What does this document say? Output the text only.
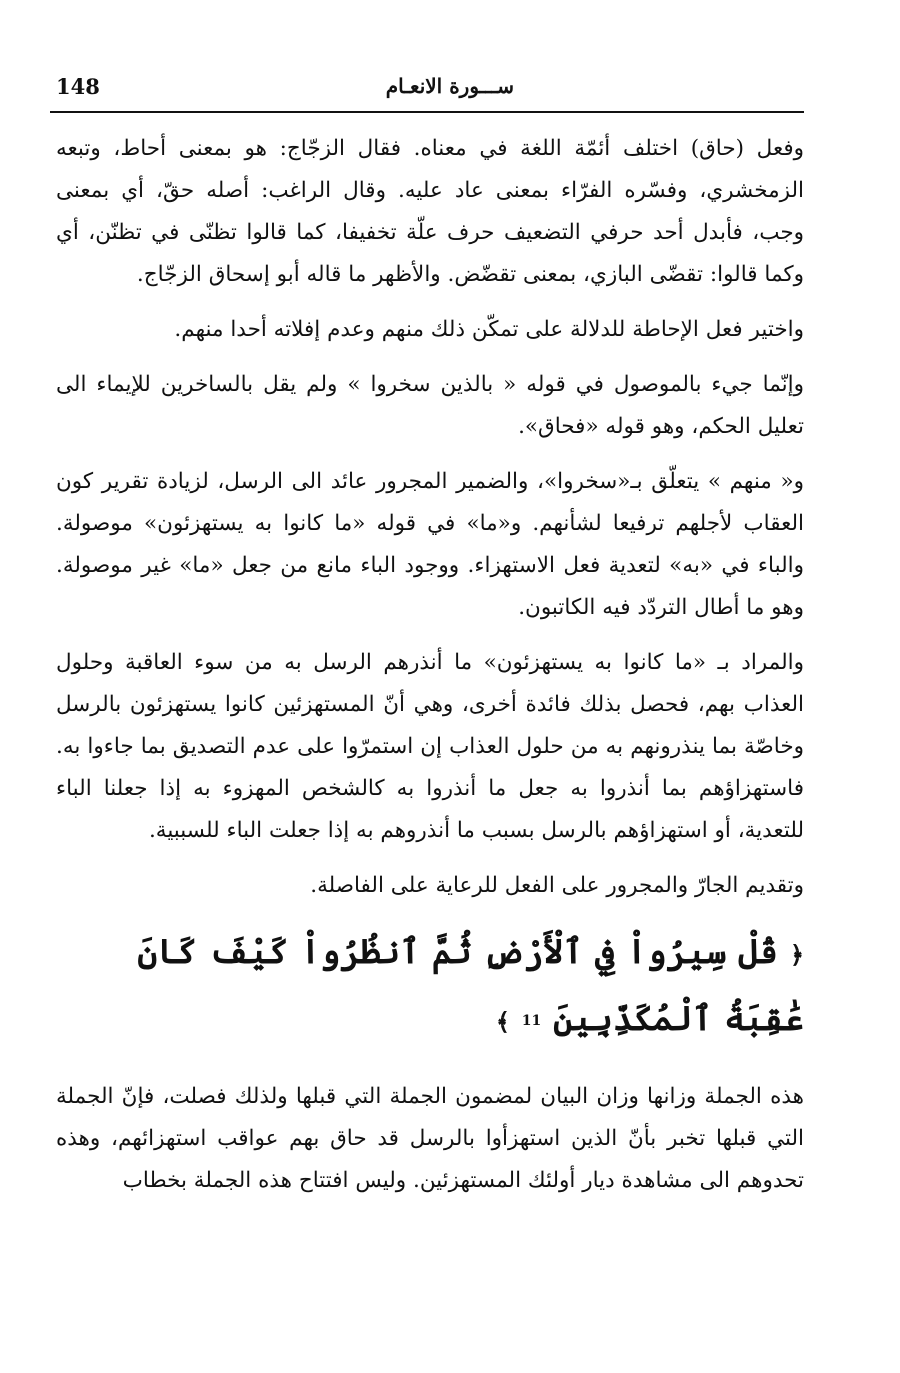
ســـورة الانعـام
148

وفعل (حاق) اختلف أئمّة اللغة في معناه. فقال الزجّاج: هو بمعنى أحاط، وتبعه الزمخشري، وفسّره الفرّاء بمعنى عاد عليه. وقال الراغب: أصله حقّ، أي بمعنى وجب، فأبدل أحد حرفي التضعيف حرف علّة تخفيفا، كما قالوا تظنّى في تظنّن، أي وكما قالوا: تقضّى البازي، بمعنى تقضّض. والأظهر ما قاله أبو إسحاق الزجّاج.

واختير فعل الإحاطة للدلالة على تمكّن ذلك منهم وعدم إفلاته أحدا منهم.

وإنّما جيء بالموصول في قوله « بالذين سخروا » ولم يقل بالساخرين للإيماء الى تعليل الحكم، وهو قوله «فحاق».

و« منهم » يتعلّق بـ«سخروا»، والضمير المجرور عائد الى الرسل، لزيادة تقرير كون العقاب لأجلهم ترفيعا لشأنهم. و«ما» في قوله «ما كانوا به يستهزئون» موصولة. والباء في «به» لتعدية فعل الاستهزاء. ووجود الباء مانع من جعل «ما» غير موصولة. وهو ما أطال التردّد فيه الكاتبون.

والمراد بـ «ما كانوا به يستهزئون» ما أنذرهم الرسل به من سوء العاقبة وحلول العذاب بهم، فحصل بذلك فائدة أخرى، وهي أنّ المستهزئين كانوا يستهزئون بالرسل وخاصّة بما ينذرونهم به من حلول العذاب إن استمرّوا على عدم التصديق بما جاءوا به. فاستهزاؤهم بما أنذروا به جعل ما أنذروا به كالشخص المهزوء به إذا جعلنا الباء للتعدية، أو استهزاؤهم بالرسل بسبب ما أنذروهم به إذا جعلت الباء للسببية.

وتقديم الجارّ والمجرور على الفعل للرعاية على الفاصلة.

﴿ قُلْ سِيرُواْ فِي ٱلْأَرْضِ ثُمَّ ٱنظُرُواْ كَيْفَ كَانَ عَٰقِبَةُ ٱلْمُكَذِّبِينَ 11 ﴾

هذه الجملة وزانها وزان البيان لمضمون الجملة التي قبلها ولذلك فصلت، فإنّ الجملة التي قبلها تخبر بأنّ الذين استهزأوا بالرسل قد حاق بهم عواقب استهزائهم، وهذه تحدوهم الى مشاهدة ديار أولئك المستهزئين. وليس افتتاح هذه الجملة بخطاب
